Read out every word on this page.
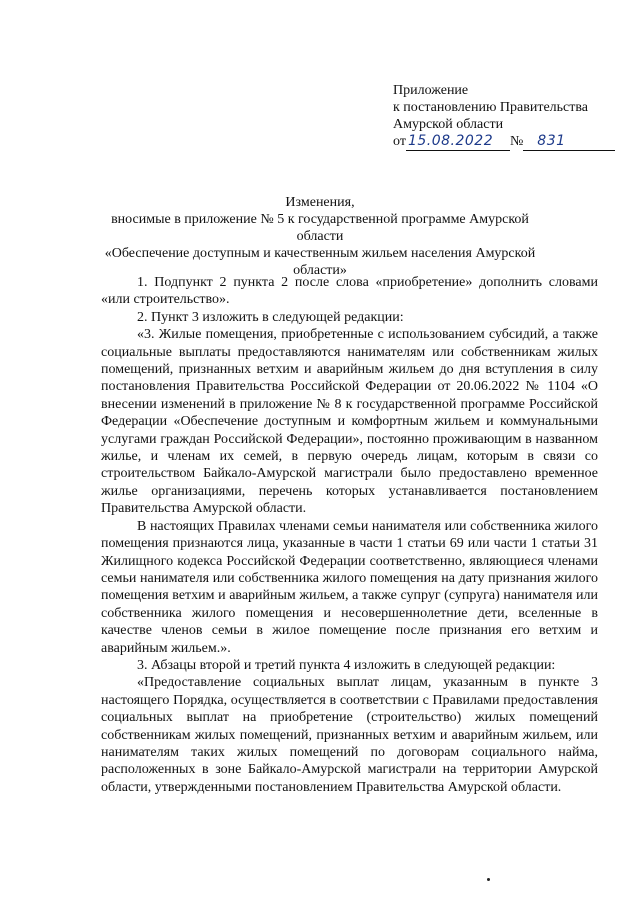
Приложение
к постановлению Правительства
Амурской области
от 15.08.2022	№	831
Изменения,
вносимые в приложение № 5 к государственной программе Амурской области
«Обеспечение доступным и качественным жильем населения Амурской
области»

1. Подпункт 2 пункта 2 после слова «приобретение» дополнить словами «или строительство».

2. Пункт 3 изложить в следующей редакции:

«3. Жилые помещения, приобретенные с использованием субсидий, а также социальные выплаты предоставляются нанимателям или собственникам жилых помещений, признанных ветхим и аварийным жильем до дня вступления в силу постановления Правительства Российской Федерации от 20.06.2022 № 1104 «О внесении изменений в приложение № 8 к государственной программе Российской Федерации «Обеспечение доступным и комфортным жильем и коммунальными услугами граждан Российской Федерации», постоянно проживающим в названном жилье, и членам их семей, в первую очередь лицам, которым в связи со строительством Байкало-Амурской магистрали было предоставлено временное жилье организациями, перечень которых устанавливается постановлением Правительства Амурской области.

В настоящих Правилах членами семьи нанимателя или собственника жилого помещения признаются лица, указанные в части 1 статьи 69 или части 1 статьи 31 Жилищного кодекса Российской Федерации соответственно, являющиеся членами семьи нанимателя или собственника жилого помещения на дату признания жилого помещения ветхим и аварийным жильем, а также супруг (супруга) нанимателя или собственника жилого помещения и несовершеннолетние дети, вселенные в качестве членов семьи в жилое помещение после признания его ветхим и аварийным жильем.».

3. Абзацы второй и третий пункта 4 изложить в следующей редакции:

«Предоставление социальных выплат лицам, указанным в пункте 3 настоящего Порядка, осуществляется в соответствии с Правилами предоставления социальных выплат на приобретение (строительство) жилых помещений собственникам жилых помещений, признанных ветхим и аварийным жильем, или нанимателям таких жилых помещений по договорам социального найма, расположенных в зоне Байкало-Амурской магистрали на территории Амурской области, утвержденными постановлением Правительства Амурской области.
